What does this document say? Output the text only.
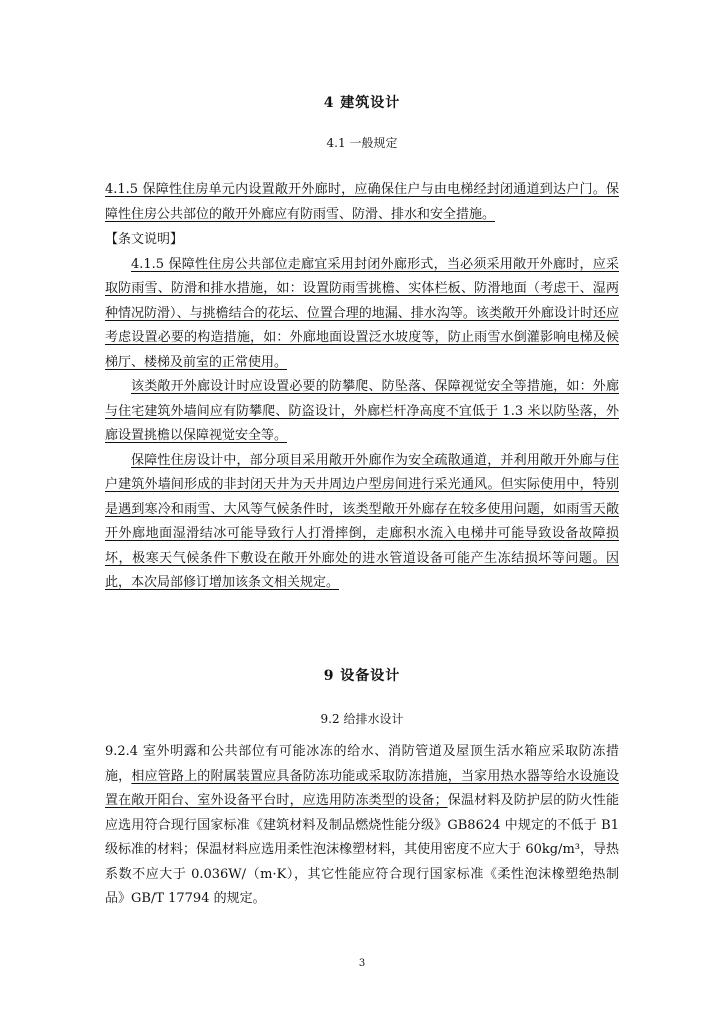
4 建筑设计
4.1 一般规定

4.1.5 保障性住房单元内设置敞开外廊时，应确保住户与由电梯经封闭通道到达户门。保障性住房公共部位的敞开外廊应有防雨雪、防滑、排水和安全措施。

【条文说明】

4.1.5 保障性住房公共部位走廊宜采用封闭外廊形式，当必须采用敞开外廊时，应采取防雨雪、防滑和排水措施，如：设置防雨雪挑檐、实体栏板、防滑地面（考虑干、湿两种情况防滑）、与挑檐结合的花坛、位置合理的地漏、排水沟等。该类敞开外廊设计时还应考虑设置必要的构造措施，如：外廊地面设置泛水坡度等，防止雨雪水倒灌影响电梯及候梯厅、楼梯及前室的正常使用。

该类敞开外廊设计时应设置必要的防攀爬、防坠落、保障视觉安全等措施，如：外廊与住宅建筑外墙间应有防攀爬、防盗设计，外廊栏杆净高度不宜低于 1.3 米以防坠落，外廊设置挑檐以保障视觉安全等。

保障性住房设计中，部分项目采用敞开外廊作为安全疏散通道，并利用敞开外廊与住户建筑外墙间形成的非封闭天井为天井周边户型房间进行采光通风。但实际使用中，特别是遇到寒冷和雨雪、大风等气候条件时，该类型敞开外廊存在较多使用问题，如雨雪天敞开外廊地面湿滑结冰可能导致行人打滑摔倒，走廊积水流入电梯井可能导致设备故障损坏，极寒天气候条件下敷设在敞开外廊处的进水管道设备可能产生冻结损坏等问题。因此，本次局部修订增加该条文相关规定。

9 设备设计
9.2 给排水设计

9.2.4 室外明露和公共部位有可能冰冻的给水、消防管道及屋顶生活水箱应采取防冻措施，相应管路上的附属装置应具备防冻功能或采取防冻措施，当家用热水器等给水设施设置在敞开阳台、室外设备平台时，应选用防冻类型的设备；保温材料及防护层的防火性能应选用符合现行国家标准《建筑材料及制品燃烧性能分级》GB8624 中规定的不低于 B1 级标准的材料；保温材料应选用柔性泡沫橡塑材料，其使用密度不应大于 60kg/m³，导热系数不应大于 0.036W/（m·K），其它性能应符合现行国家标准《柔性泡沫橡塑绝热制品》GB/T 17794 的规定。

3
